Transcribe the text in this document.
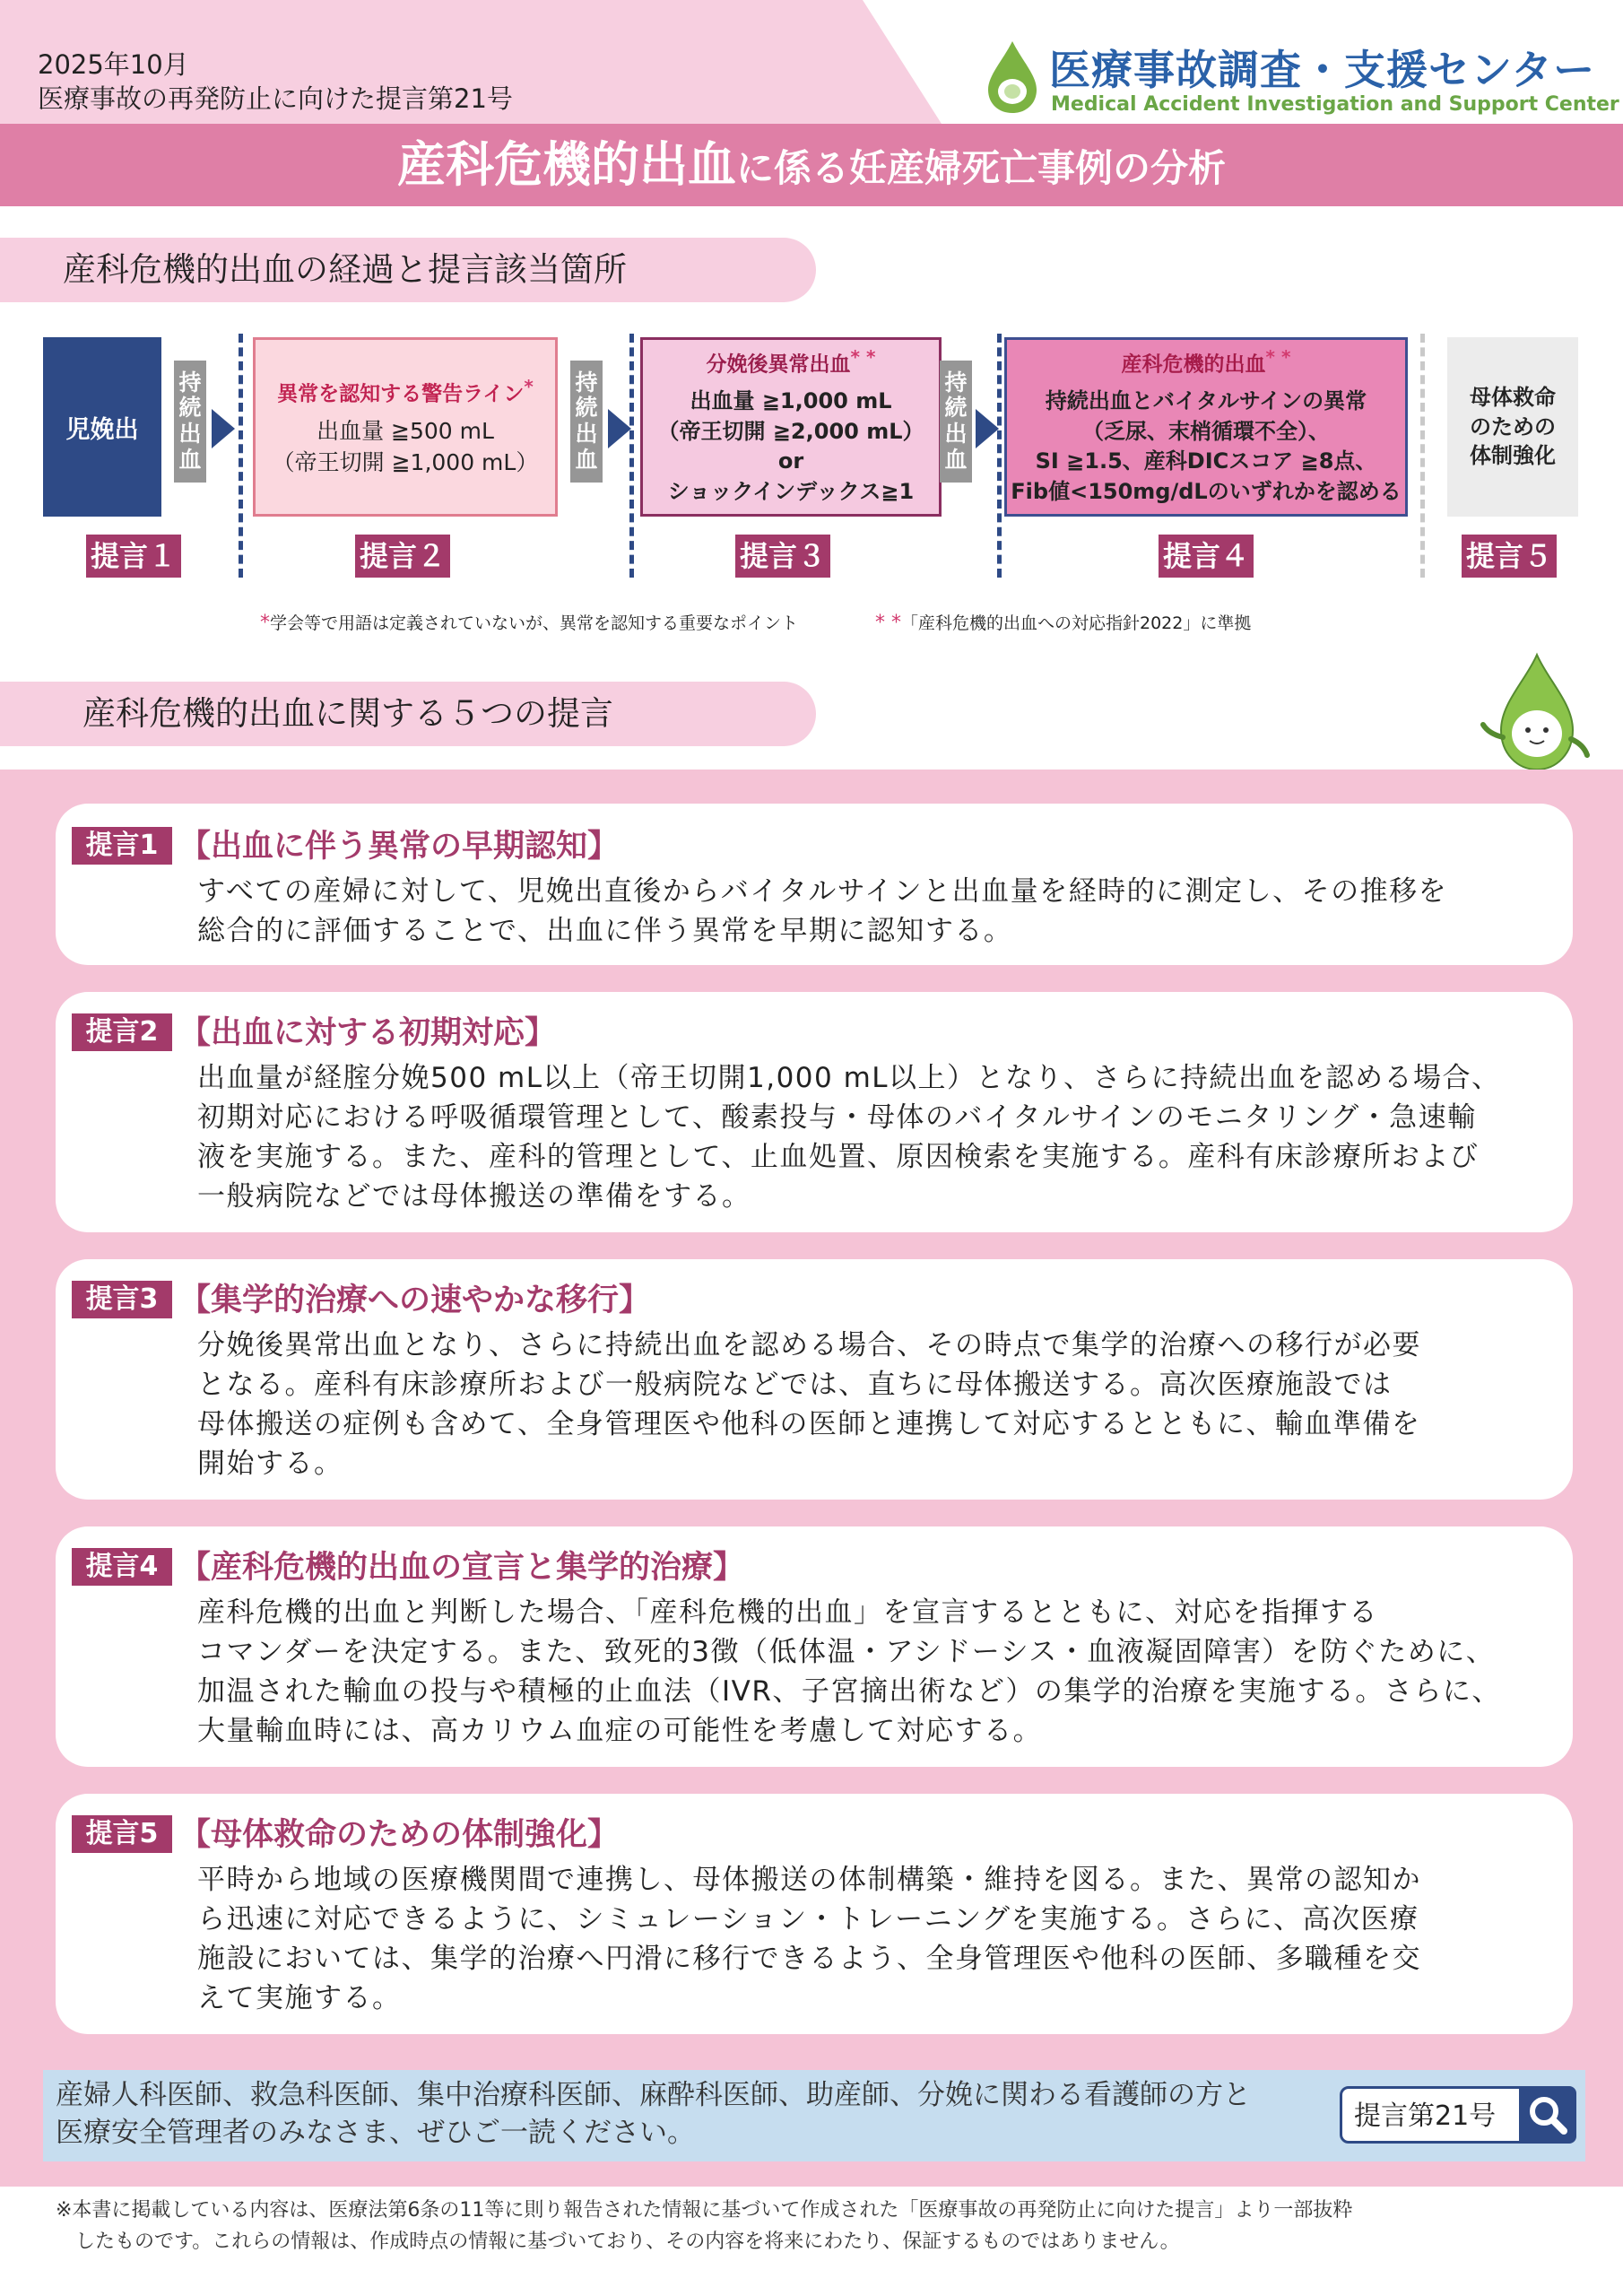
2025年10月
医療事故の再発防止に向けた提言第21号
医療事故調査・支援センター
Medical Accident Investigation and Support Center
産科危機的出血に係る妊産婦死亡事例の分析
産科危機的出血の経過と提言該当箇所
児娩出
持
続
出
血
異常を認知する警告ライン*
出血量 ≧500 mL
（帝王切開 ≧1,000 mL）
持
続
出
血
分娩後異常出血* *
出血量 ≧1,000 mL
（帝王切開 ≧2,000 mL）
or
ショックインデックス≧1
持
続
出
血
産科危機的出血* *
持続出血とバイタルサインの異常
（乏尿、末梢循環不全）、
SI ≧1.5、産科DICスコア ≧8点、
Fib値<150mg/dLのいずれかを認める
母体救命
のための
体制強化
提言１	提言２	提言３	提言４	提言５
*学会等で用語は定義されていないが、異常を認知する重要なポイント	* *「産科危機的出血への対応指針2022」に準拠
産科危機的出血に関する５つの提言
提言1 【出血に伴う異常の早期認知】
すべての産婦に対して、児娩出直後からバイタルサインと出血量を経時的に測定し、その推移を
総合的に評価することで、出血に伴う異常を早期に認知する。
提言2 【出血に対する初期対応】
出血量が経腟分娩500 mL以上（帝王切開1,000 mL以上）となり、さらに持続出血を認める場合、
初期対応における呼吸循環管理として、酸素投与・母体のバイタルサインのモニタリング・急速輸
液を実施する。また、産科的管理として、止血処置、原因検索を実施する。産科有床診療所および
一般病院などでは母体搬送の準備をする。
提言3 【集学的治療への速やかな移行】
分娩後異常出血となり、さらに持続出血を認める場合、その時点で集学的治療への移行が必要
となる。産科有床診療所および一般病院などでは、直ちに母体搬送する。高次医療施設では
母体搬送の症例も含めて、全身管理医や他科の医師と連携して対応するとともに、輸血準備を
開始する。
提言4 【産科危機的出血の宣言と集学的治療】
産科危機的出血と判断した場合、「産科危機的出血」を宣言するとともに、対応を指揮する
コマンダーを決定する。また、致死的3徴（低体温・アシドーシス・血液凝固障害）を防ぐために、
加温された輸血の投与や積極的止血法（IVR、子宮摘出術など）の集学的治療を実施する。さらに、
大量輸血時には、高カリウム血症の可能性を考慮して対応する。
提言5 【母体救命のための体制強化】
平時から地域の医療機関間で連携し、母体搬送の体制構築・維持を図る。また、異常の認知か
ら迅速に対応できるように、シミュレーション・トレーニングを実施する。さらに、高次医療
施設においては、集学的治療へ円滑に移行できるよう、全身管理医や他科の医師、多職種を交
えて実施する。
産婦人科医師、救急科医師、集中治療科医師、麻酔科医師、助産師、分娩に関わる看護師の方と
医療安全管理者のみなさま、ぜひご一読ください。
提言第21号
※本書に掲載している内容は、医療法第6条の11等に則り報告された情報に基づいて作成された「医療事故の再発防止に向けた提言」より一部抜粋
　したものです。これらの情報は、作成時点の情報に基づいており、その内容を将来にわたり、保証するものではありません。
